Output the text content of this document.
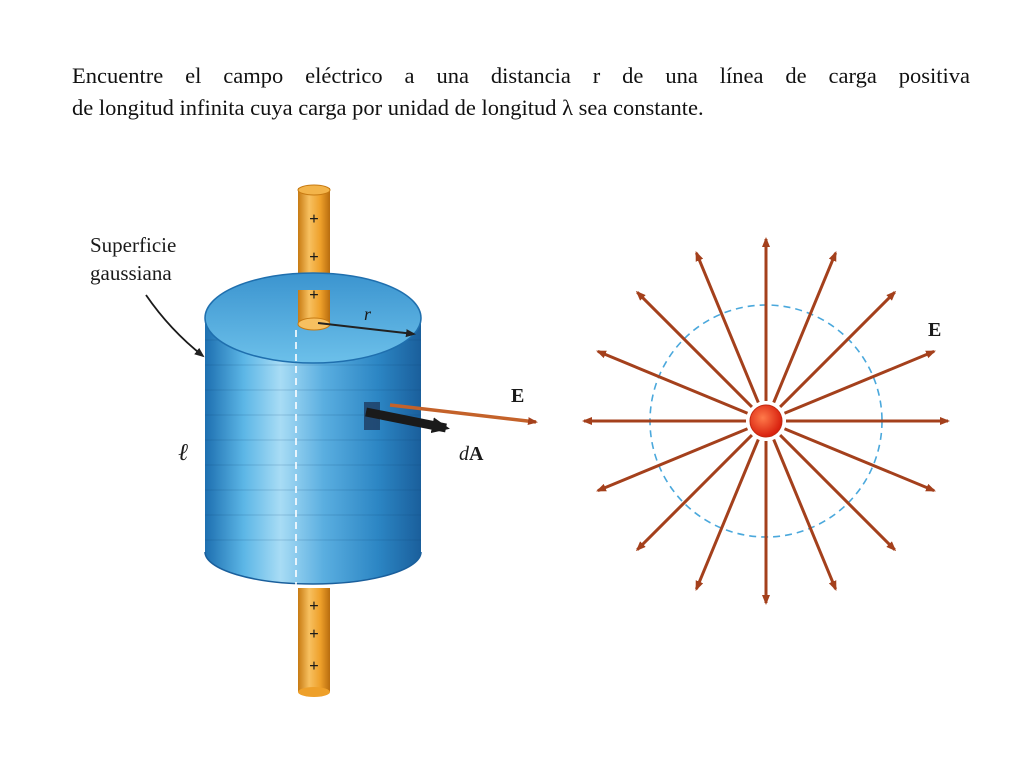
Encuentre el campo eléctrico a una distancia r de una línea de carga positiva
de longitud infinita cuya carga por unidad de longitud λ sea constante.

r
+
+
+
+
+
+
Superficie
gaussiana
ℓ
E
dA
E
